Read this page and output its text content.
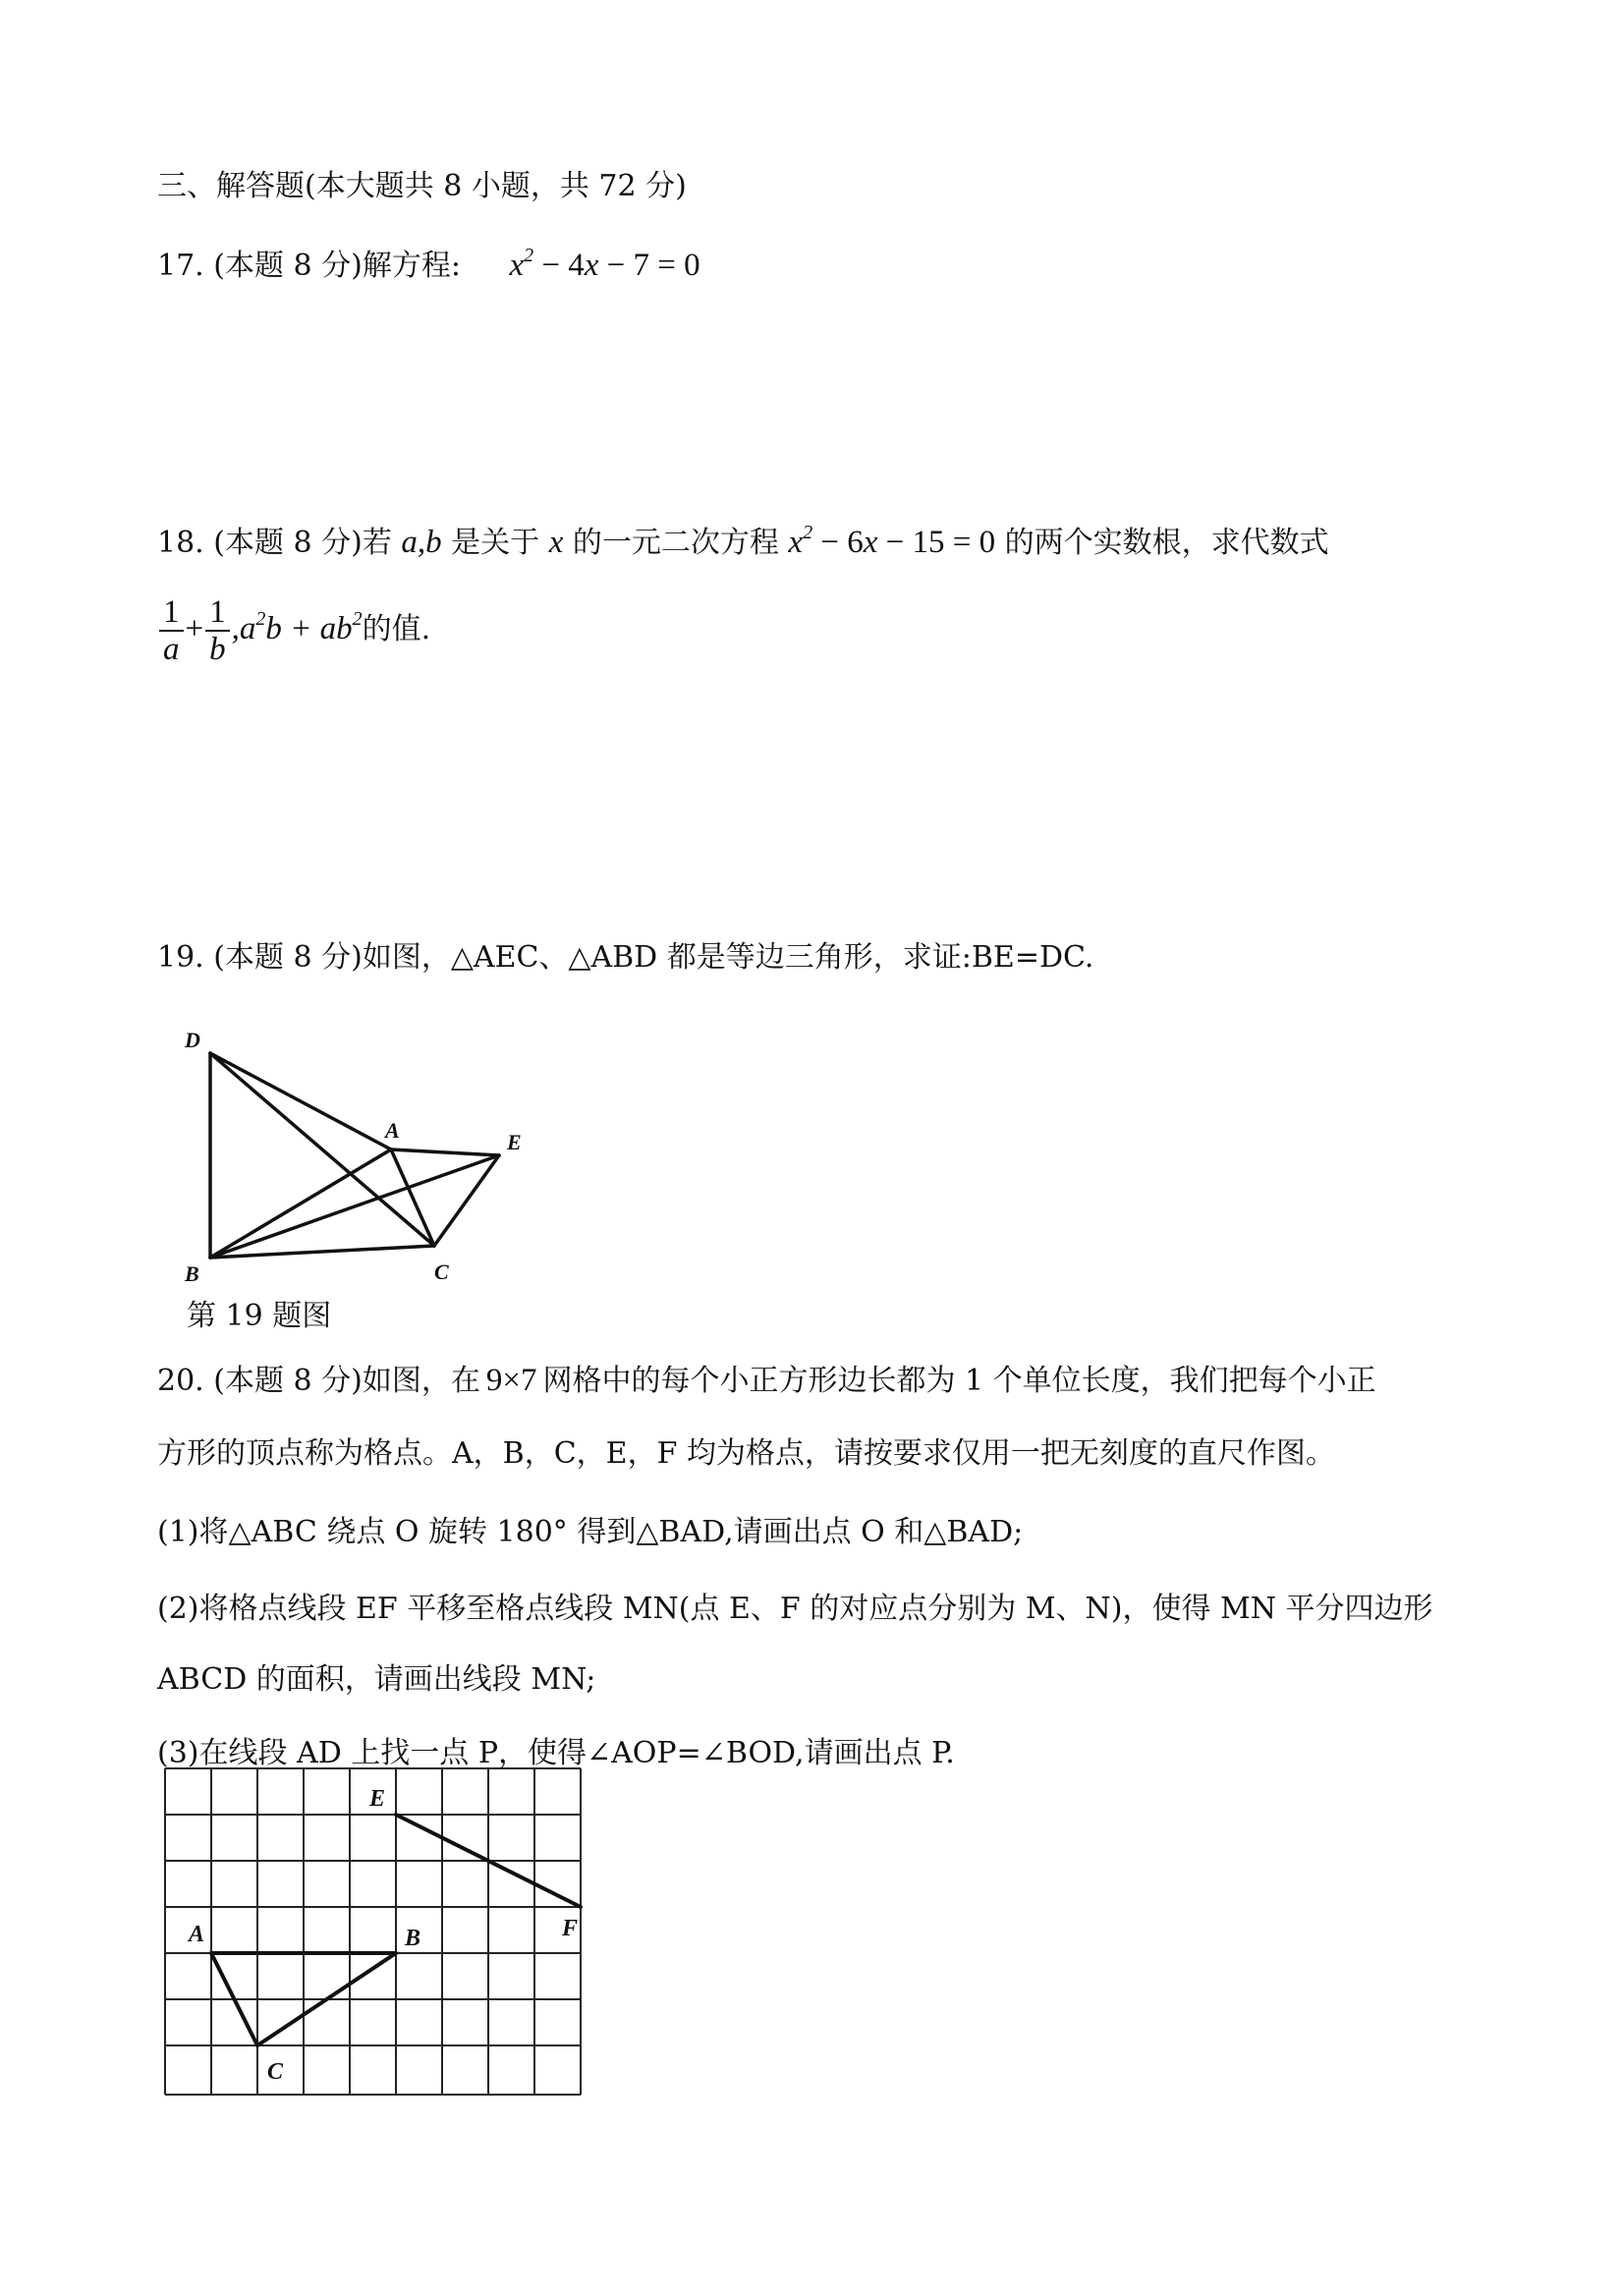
三、解答题(本大题共 8 小题，共 72 分)
17. (本题 8 分)解方程: $x^2 - 4x - 7 = 0$
18. (本题 8 分)若 a,b 是关于 x 的一元二次方程 $x^2 - 6x - 15 = 0$ 的两个实数根，求代数式
$\frac{1}{a} + \frac{1}{b} ,a^2b + ab^2$的值.
19. (本题 8 分)如图，△AEC、△ABD 都是等边三角形，求证:BE=DC.
D
A	E
B	C
第 19 题图
20. (本题 8 分)如图，在 9×7 网格中的每个小正方形边长都为 1 个单位长度，我们把每个小正
方形的顶点称为格点。A，B，C，E，F 均为格点，请按要求仅用一把无刻度的直尺作图。
(1)将△ABC 绕点 O 旋转 180° 得到△BAD,请画出点 O 和△BAD;
(2)将格点线段 EF 平移至格点线段 MN(点 E、F 的对应点分别为 M、N)，使得 MN 平分四边形
ABCD 的面积，请画出线段 MN;
(3)在线段 AD 上找一点 P，使得∠AOP=∠BOD,请画出点 P.
E
F
A	B
C
